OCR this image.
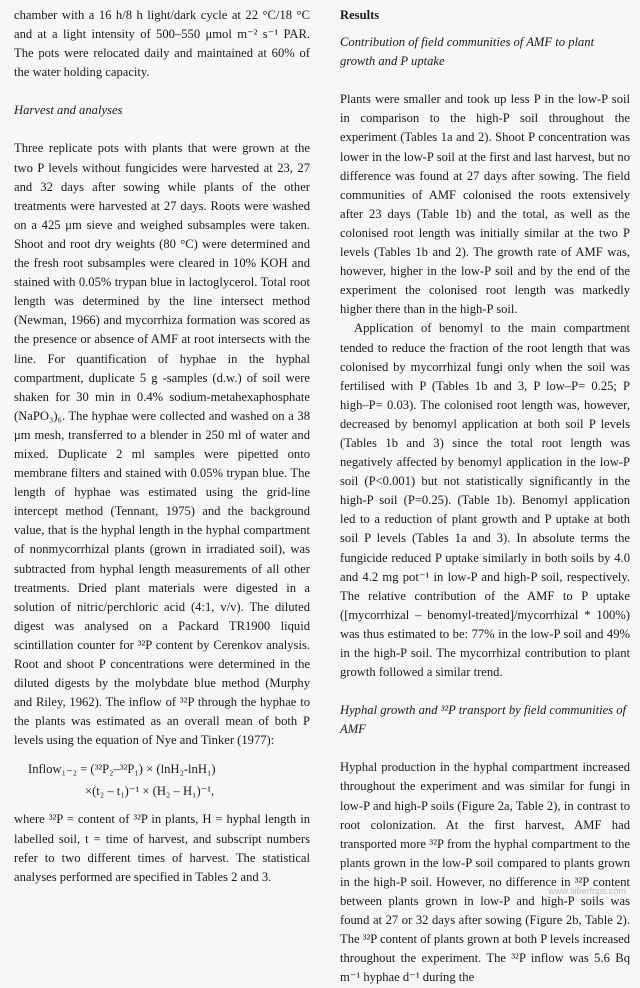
chamber with a 16 h/8 h light/dark cycle at 22 °C/18 °C and at a light intensity of 500–550 μmol m⁻² s⁻¹ PAR. The pots were relocated daily and maintained at 60% of the water holding capacity.

Harvest and analyses

Three replicate pots with plants that were grown at the two P levels without fungicides were harvested at 23, 27 and 32 days after sowing while plants of the other treatments were harvested at 27 days. Roots were washed on a 425 μm sieve and weighed subsamples were taken. Shoot and root dry weights (80 °C) were determined and the fresh root subsamples were cleared in 10% KOH and stained with 0.05% trypan blue in lactoglycerol. Total root length was determined by the line intersect method (Newman, 1966) and mycorrhiza formation was scored as the presence or absence of AMF at root intersects with the line. For quantification of hyphae in the hyphal compartment, duplicate 5 g -samples (d.w.) of soil were shaken for 30 min in 0.4% sodium-metahexaphosphate (NaPO₃)₆. The hyphae were collected and washed on a 38 μm mesh, transferred to a blender in 250 ml of water and mixed. Duplicate 2 ml samples were pipetted onto membrane filters and stained with 0.05% trypan blue. The length of hyphae was estimated using the grid-line intercept method (Tennant, 1975) and the background value, that is the hyphal length in the hyphal compartment of nonmycorrhizal plants (grown in irradiated soil), was subtracted from hyphal length measurements of all other treatments. Dried plant materials were digested in a solution of nitric/perchloric acid (4:1, v/v). The diluted digest was analysed on a Packard TR1900 liquid scintillation counter for ³²P content by Cerenkov analysis. Root and shoot P concentrations were determined in the diluted digests by the molybdate blue method (Murphy and Riley, 1962). The inflow of ³²P through the hyphae to the plants was estimated as an overall mean of both P levels using the equation of Nye and Tinker (1977):

Inflow₁₋₂ = (³²P₂–³²P₁) × (lnH₂-lnH₁)
×(t₂ – t₁)⁻¹ × (H₂ – H₁)⁻¹,

where ³²P = content of ³²P in plants, H = hyphal length in labelled soil, t = time of harvest, and subscript numbers refer to two different times of harvest. The statistical analyses performed are specified in Tables 2 and 3.

Results

Contribution of field communities of AMF to plant growth and P uptake

Plants were smaller and took up less P in the low-P soil in comparison to the high-P soil throughout the experiment (Tables 1a and 2). Shoot P concentration was lower in the low-P soil at the first and last harvest, but no difference was found at 27 days after sowing. The field communities of AMF colonised the roots extensively after 23 days (Table 1b) and the total, as well as the colonised root length was initially similar at the two P levels (Tables 1b and 2). The growth rate of AMF was, however, higher in the low-P soil and by the end of the experiment the colonised root length was markedly higher there than in the high-P soil.

Application of benomyl to the main compartment tended to reduce the fraction of the root length that was colonised by mycorrhizal fungi only when the soil was fertilised with P (Tables 1b and 3, P low–P= 0.25; P high–P= 0.03). The colonised root length was, however, decreased by benomyl application at both soil P levels (Tables 1b and 3) since the total root length was negatively affected by benomyl application in the low-P soil (P<0.001) but not statistically significantly in the high-P soil (P=0.25). (Table 1b). Benomyl application led to a reduction of plant growth and P uptake at both soil P levels (Tables 1a and 3). In absolute terms the fungicide reduced P uptake similarly in both soils by 4.0 and 4.2 mg pot⁻¹ in low-P and high-P soil, respectively. The relative contribution of the AMF to P uptake ([mycorrhizal – benomyl-treated]/mycorrhizal * 100%) was thus estimated to be: 77% in the low-P soil and 49% in the high-P soil. The mycorrhizal contribution to plant growth followed a similar trend.

Hyphal growth and ³²P transport by field communities of AMF

Hyphal production in the hyphal compartment increased throughout the experiment and was similar for fungi in low-P and high-P soils (Figure 2a, Table 2), in contrast to root colonization. At the first harvest, AMF had transported more ³²P from the hyphal compartment to the plants grown in the low-P soil compared to plants grown in the high-P soil. However, no difference in ³²P content between plants grown in low-P and high-P soils was found at 27 or 32 days after sowing (Figure 2b, Table 2). The ³²P content of plants grown at both P levels increased throughout the experiment. The ³²P inflow was 5.6 Bq m⁻¹ hyphae d⁻¹ during the

www.tiiberfnps.com
